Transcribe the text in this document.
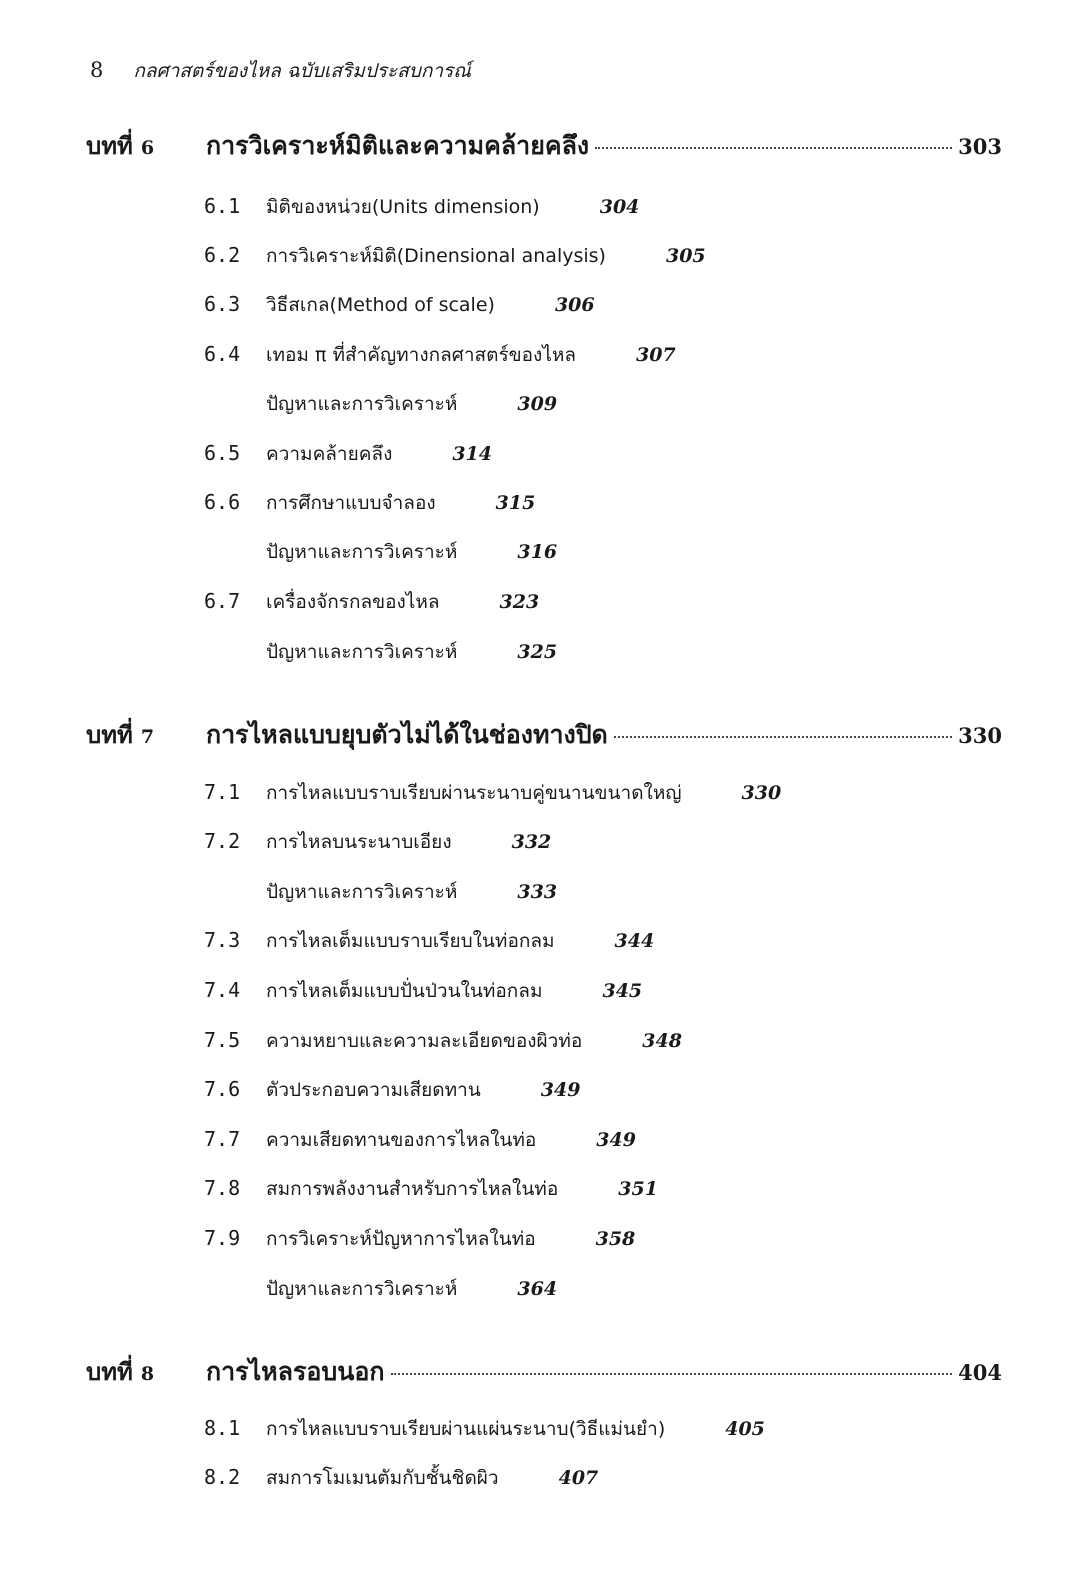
8 กลศาสตร์ของไหล ฉบับเสริมประสบการณ์
บทที่ 6	การวิเคราะห์มิติและความคล้ายคลึง	303
6.1	มิติของหน่วย(Units dimension)	304
6.2	การวิเคราะห์มิติ(Dinensional analysis)	305
6.3	วิธีสเกล(Method of scale)	306
6.4	เทอม π ที่สำคัญทางกลศาสตร์ของไหล	307
ปัญหาและการวิเคราะห์	309
6.5	ความคล้ายคลึง	314
6.6	การศึกษาแบบจำลอง	315
ปัญหาและการวิเคราะห์	316
6.7	เครื่องจักรกลของไหล	323
ปัญหาและการวิเคราะห์	325
บทที่ 7	การไหลแบบยุบตัวไม่ได้ในช่องทางปิด	330
7.1	การไหลแบบราบเรียบผ่านระนาบคู่ขนานขนาดใหญ่	330
7.2	การไหลบนระนาบเอียง	332
ปัญหาและการวิเคราะห์	333
7.3	การไหลเต็มแบบราบเรียบในท่อกลม	344
7.4	การไหลเต็มแบบปั่นป่วนในท่อกลม	345
7.5	ความหยาบและความละเอียดของผิวท่อ	348
7.6	ตัวประกอบความเสียดทาน	349
7.7	ความเสียดทานของการไหลในท่อ	349
7.8	สมการพลังงานสำหรับการไหลในท่อ	351
7.9	การวิเคราะห์ปัญหาการไหลในท่อ	358
ปัญหาและการวิเคราะห์	364
บทที่ 8	การไหลรอบนอก	404
8.1	การไหลแบบราบเรียบผ่านแผ่นระนาบ(วิธีแม่นยำ)	405
8.2	สมการโมเมนตัมกับชั้นชิดผิว	407
